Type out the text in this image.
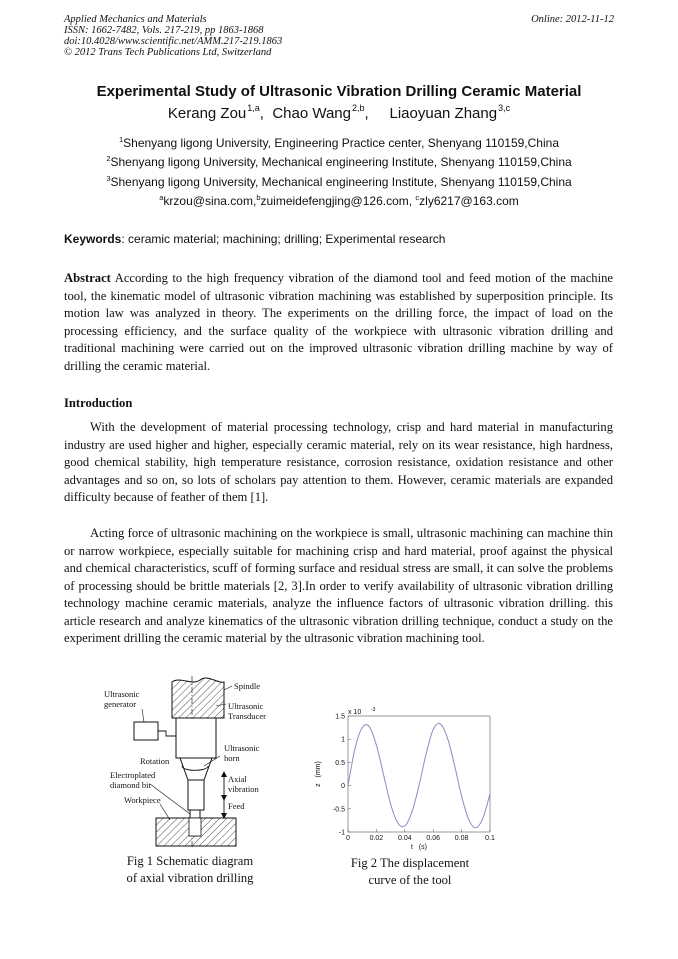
Applied Mechanics and Materials
ISSN: 1662-7482, Vols. 217-219, pp 1863-1868
doi:10.4028/www.scientific.net/AMM.217-219.1863
© 2012 Trans Tech Publications Ltd, Switzerland
Online: 2012-11-12
Experimental Study of Ultrasonic Vibration Drilling Ceramic Material
Kerang Zou$^{1,a}$,  Chao Wang$^{2,b}$,     Liaoyuan Zhang$^{3,c}$
$^1$Shenyang ligong University, Engineering Practice center, Shenyang 110159,China
$^2$Shenyang ligong University, Mechanical engineering Institute, Shenyang 110159,China
$^3$Shenyang ligong University, Mechanical engineering Institute, Shenyang 110159,China
$^a$krzou@sina.com,$^b$zuimeidefengjing@126.com, $^c$zly6217@163.com
Keywords: ceramic material; machining; drilling; Experimental research
Abstract According to the high frequency vibration of the diamond tool and feed motion of the machine tool, the kinematic model of ultrasonic vibration machining was established by superposition principle. Its motion law was analyzed in theory. The experiments on the drilling force, the impact of load on the processing efficiency, and the surface quality of the workpiece with ultrasonic vibration drilling and traditional machining were carried out on the improved ultrasonic vibration drilling machine by way of drilling the ceramic material.
Introduction
With the development of material processing technology, crisp and hard material in manufacturing industry are used higher and higher, especially ceramic material, rely on its wear resistance, high hardness, good chemical stability, high temperature resistance, corrosion resistance, oxidation resistance and other advantages and so on, so lots of scholars pay attention to them. However, ceramic materials are expanded difficulty because of feather of them [1].
Acting force of ultrasonic machining on the workpiece is small, ultrasonic machining can machine thin or narrow workpiece, especially suitable for machining crisp and hard material, proof against the physical and chemical characteristics, scuff of forming surface and residual stress are small, it can solve the problems of processing should be brittle materials [2, 3].In order to verify availability of ultrasonic vibration drilling technology machine ceramic materials, analyze the influence factors of ultrasonic vibration drilling. this article research and analyze kinematics of the ultrasonic vibration drilling technique, conduct a study on the experiment drilling the ceramic material by the ultrasonic vibration machining tool.
Spindle
Ultrasonic
generator	Ultrasonic
Transducer
Ultrasonic
horn
Rotation
Electroplated
diamond bit
Axial
vibration
Feed
Workpiece
Fig 1 Schematic diagram
of axial vibration drilling
0	0.02 0.04 0.06 0.08 0.1
-1
-0.5
0
0.5
1
1.5
x 10 -3
t   (s)
z   (mm)
Fig 2 The displacement
curve of the tool
